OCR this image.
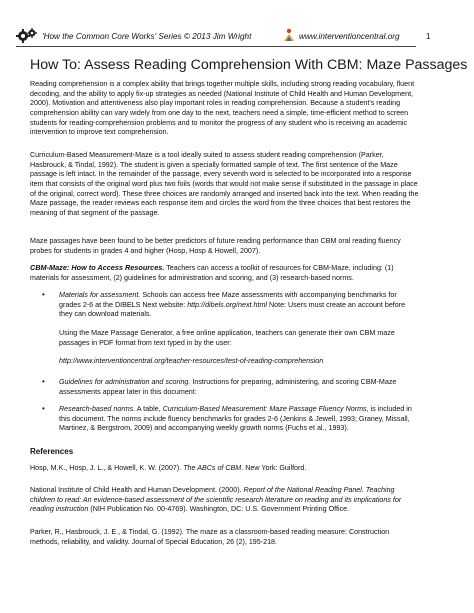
'How the Common Core Works' Series © 2013 Jim Wright	www.interventioncentral.org	1
How To: Assess Reading Comprehension With CBM: Maze Passages

Reading comprehension is a complex ability that brings together multiple skills, including strong reading vocabulary, fluent decoding, and the ability to apply fix-up strategies as needed (National Institute of Child Health and Human Development, 2000). Motivation and attentiveness also play important roles in reading comprehension. Because a student's reading comprehension ability can vary widely from one day to the next, teachers need a simple, time-efficient method to screen students for reading-comprehension problems and to monitor the progress of any student who is receiving an academic intervention to improve text comprehension.

Curriculum-Based Measurement-Maze is a tool ideally suited to assess student reading comprehension (Parker, Hasbrouck, & Tindal, 1992). The student is given a specially formatted sample of text. The first sentence of the Maze passage is left intact. In the remainder of the passage, every seventh word is selected to be incorporated into a response item that consists of the original word plus two foils (words that would not make sense if substituted in the passage in place of the original, correct word). These three choices are randomly arranged and inserted back into the text. When reading the Maze passage, the reader reviews each response item and circles the word from the three choices that best restores the meaning of that segment of the passage.

Maze passages have been found to be better predictors of future reading performance than CBM oral reading fluency probes for students in grades 4 and higher (Hosp, Hosp & Howell, 2007).

CBM-Maze: How to Access Resources. Teachers can access a toolkit of resources for CBM-Maze, including: (1) materials for assessment, (2) guidelines for administration and scoring, and (3) research-based norms.

• Materials for assessment. Schools can access free Maze assessments with accompanying benchmarks for grades 2-6 at the DIBELS Next website: http://dibels.org/next.html Note: Users must create an account before they can download materials.

Using the Maze Passage Generator, a free online application, teachers can generate their own CBM maze passages in PDF format from text typed in by the user:

http://www.interventioncentral.org/teacher-resources/test-of-reading-comprehension

• Guidelines for administration and scoring. Instructions for preparing, administering, and scoring CBM-Maze assessments appear later in this document:

• Research-based norms. A table, Curriculum-Based Measurement: Maze Passage Fluency Norms, is included in this document. The norms include fluency benchmarks for grades 2-6 (Jenkins & Jewell, 1993; Graney, Missall, Martinez, & Bergstrom, 2009) and accompanying weekly growth norms (Fuchs et al., 1993).

References

Hosp, M.K., Hosp, J. L., & Howell, K. W. (2007). The ABCs of CBM. New York: Guilford.

National Institute of Child Health and Human Development. (2000). Report of the National Reading Panel. Teaching children to read: An evidence-based assessment of the scientific research literature on reading and its implications for reading instruction (NIH Publication No. 00-4769). Washington, DC: U.S. Government Printing Office.

Parker, R., Hasbrouck, J. E., & Tindal, G. (1992). The maze as a classroom-based reading measure: Construction methods, reliability, and validity. Journal of Special Education, 26 (2), 195-218.
